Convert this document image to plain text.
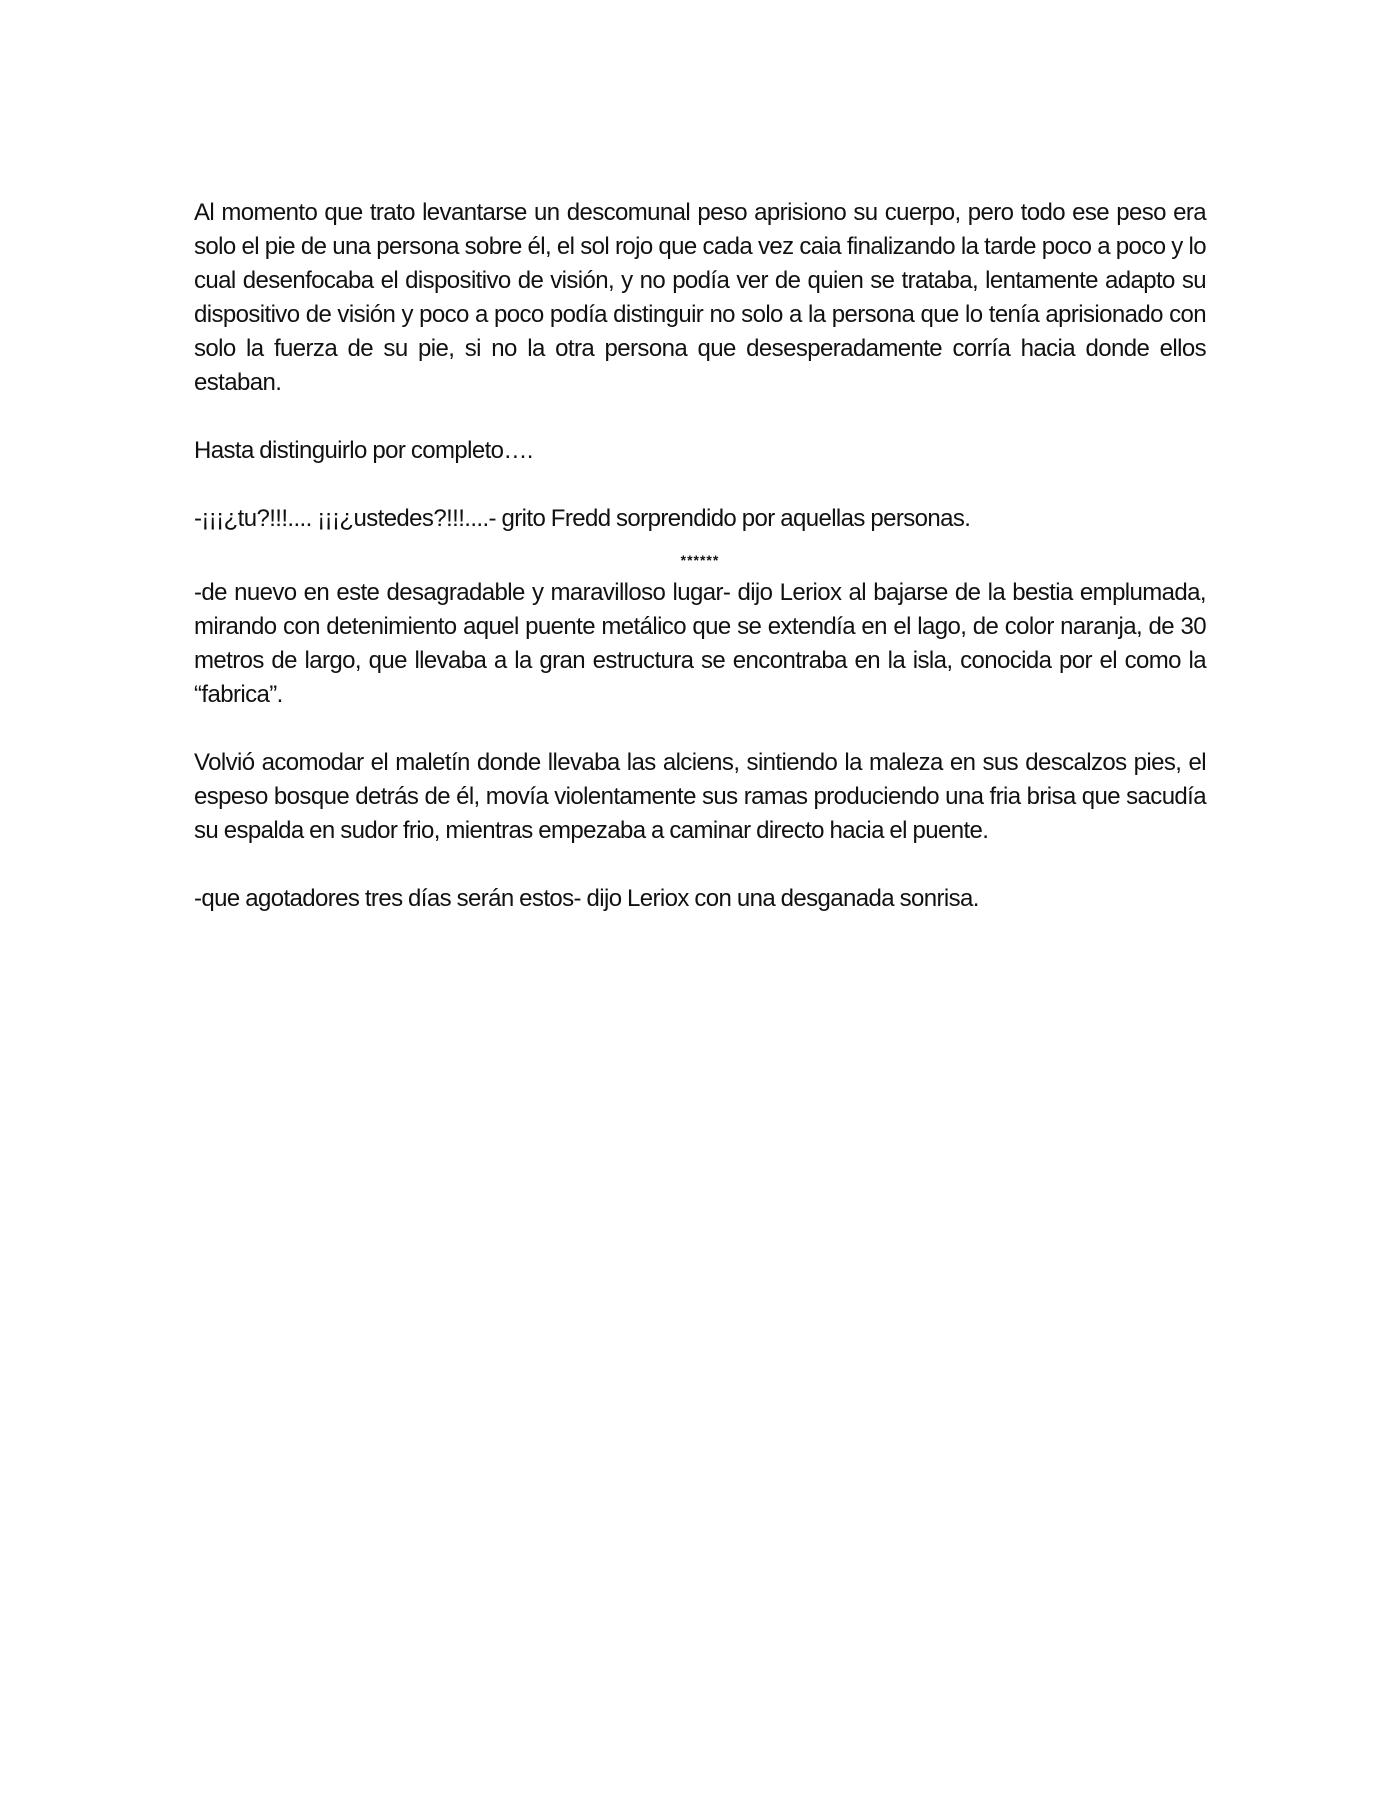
Al momento que trato levantarse un descomunal peso aprisiono su cuerpo, pero todo ese peso era solo el pie de una persona sobre él, el sol rojo que cada vez caia finalizando la tarde poco a poco y lo cual desenfocaba el dispositivo de visión, y no podía ver de quien se trataba, lentamente adapto su dispositivo de visión y poco a poco podía distinguir no solo a la persona que lo tenía aprisionado con solo la fuerza de su pie, si no la otra persona que desesperadamente corría hacia donde ellos estaban.

Hasta distinguirlo por completo….

-¡¡¡¿tu?!!!.... ¡¡¡¿ustedes?!!!....- grito Fredd sorprendido por aquellas personas.

******

-de nuevo en este desagradable y maravilloso lugar- dijo Leriox al bajarse de la bestia emplumada, mirando con detenimiento aquel puente metálico que se extendía en el lago, de color naranja, de 30 metros de largo, que llevaba a la gran estructura se encontraba en la isla, conocida por el como la “fabrica”.

Volvió acomodar el maletín donde llevaba las alciens, sintiendo la maleza en sus descalzos pies, el espeso bosque detrás de él, movía violentamente sus ramas produciendo una fria brisa que sacudía su espalda en sudor frio, mientras empezaba a caminar directo hacia el puente.

-que agotadores tres días serán estos- dijo Leriox con una desganada sonrisa.
